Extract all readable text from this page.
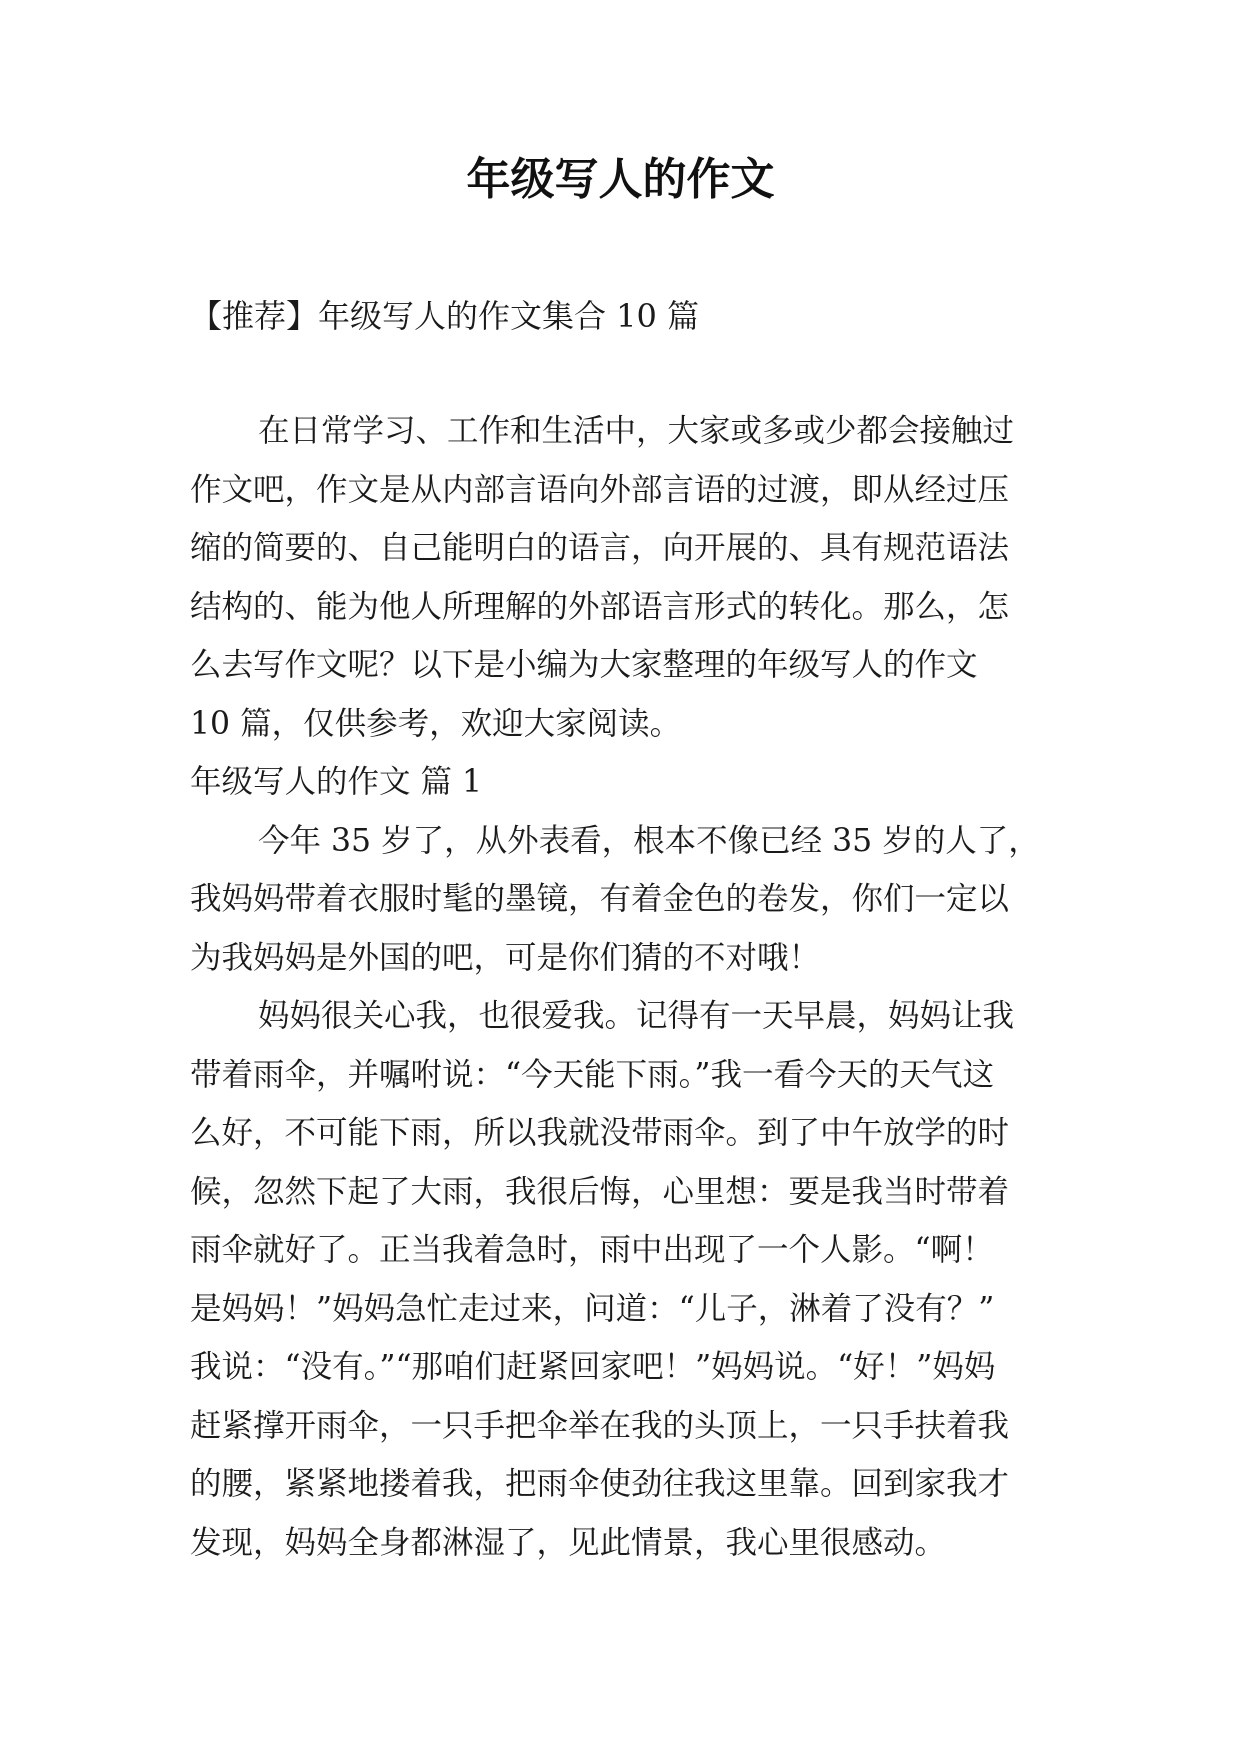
年级写人的作文

【推荐】年级写人的作文集合 10 篇

在日常学习、工作和生活中，大家或多或少都会接触过
作文吧，作文是从内部言语向外部言语的过渡，即从经过压
缩的简要的、自己能明白的语言，向开展的、具有规范语法
结构的、能为他人所理解的外部语言形式的转化。那么，怎
么去写作文呢？以下是小编为大家整理的年级写人的作文
10 篇，仅供参考，欢迎大家阅读。
年级写人的作文 篇 1
今年 35 岁了，从外表看，根本不像已经 35 岁的人了，
我妈妈带着衣服时髦的墨镜，有着金色的卷发，你们一定以
为我妈妈是外国的吧，可是你们猜的不对哦！
妈妈很关心我，也很爱我。记得有一天早晨，妈妈让我
带着雨伞，并嘱咐说：“今天能下雨。”我一看今天的天气这
么好，不可能下雨，所以我就没带雨伞。到了中午放学的时
候，忽然下起了大雨，我很后悔，心里想：要是我当时带着
雨伞就好了。正当我着急时，雨中出现了一个人影。“啊！
是妈妈！”妈妈急忙走过来，问道：“儿子，淋着了没有？”
我说：“没有。”“那咱们赶紧回家吧！”妈妈说。“好！”妈妈
赶紧撑开雨伞，一只手把伞举在我的头顶上，一只手扶着我
的腰，紧紧地搂着我，把雨伞使劲往我这里靠。回到家我才
发现，妈妈全身都淋湿了，见此情景，我心里很感动。
